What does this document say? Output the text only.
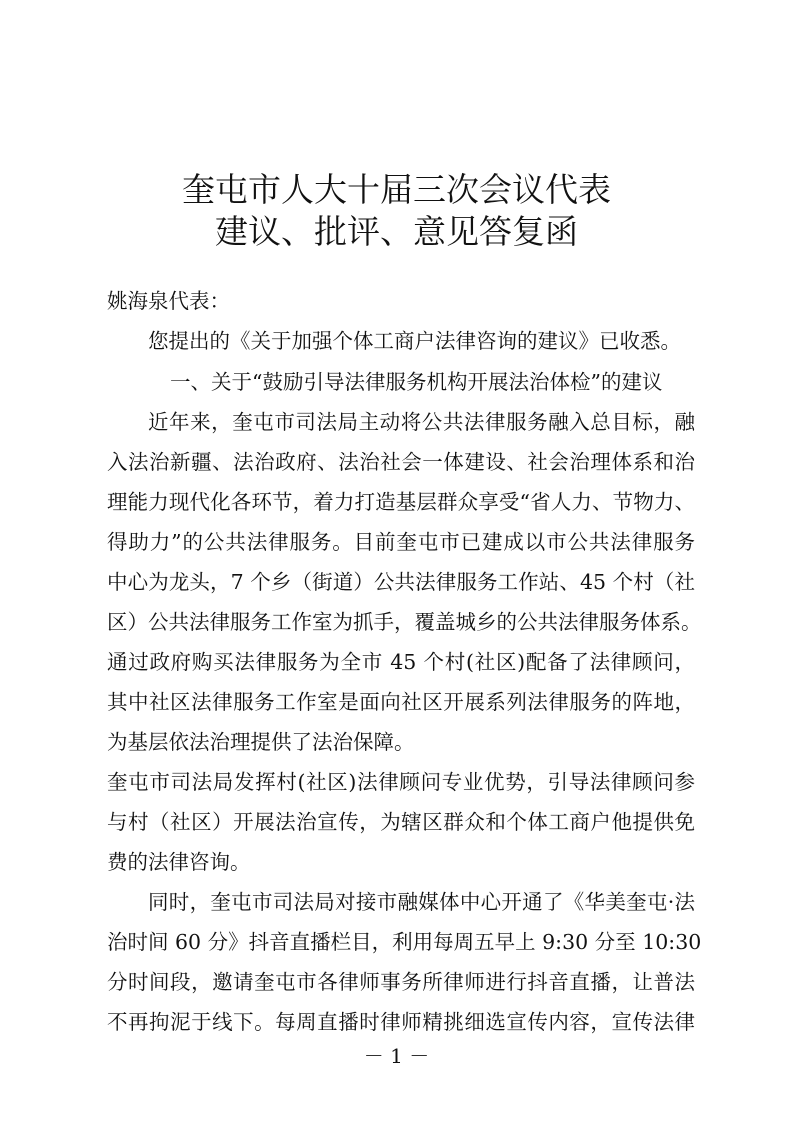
奎屯市人大十届三次会议代表
建议、批评、意见答复函
姚海泉代表：
您提出的《关于加强个体工商户法律咨询的建议》已收悉。
一、关于“鼓励引导法律服务机构开展法治体检”的建议
近年来，奎屯市司法局主动将公共法律服务融入总目标，融
入法治新疆、法治政府、法治社会一体建设、社会治理体系和治
理能力现代化各环节，着力打造基层群众享受“省人力、节物力、
得助力”的公共法律服务。目前奎屯市已建成以市公共法律服务
中心为龙头，7 个乡（街道）公共法律服务工作站、45 个村（社
区）公共法律服务工作室为抓手，覆盖城乡的公共法律服务体系。
通过政府购买法律服务为全市 45 个村(社区)配备了法律顾问，
其中社区法律服务工作室是面向社区开展系列法律服务的阵地，
为基层依法治理提供了法治保障。
奎屯市司法局发挥村(社区)法律顾问专业优势，引导法律顾问参
与村（社区）开展法治宣传，为辖区群众和个体工商户他提供免
费的法律咨询。
同时，奎屯市司法局对接市融媒体中心开通了《华美奎屯·法
治时间 60 分》抖音直播栏目，利用每周五早上 9:30 分至 10:30
分时间段，邀请奎屯市各律师事务所律师进行抖音直播，让普法
不再拘泥于线下。每周直播时律师精挑细选宣传内容，宣传法律
－ 1 －
